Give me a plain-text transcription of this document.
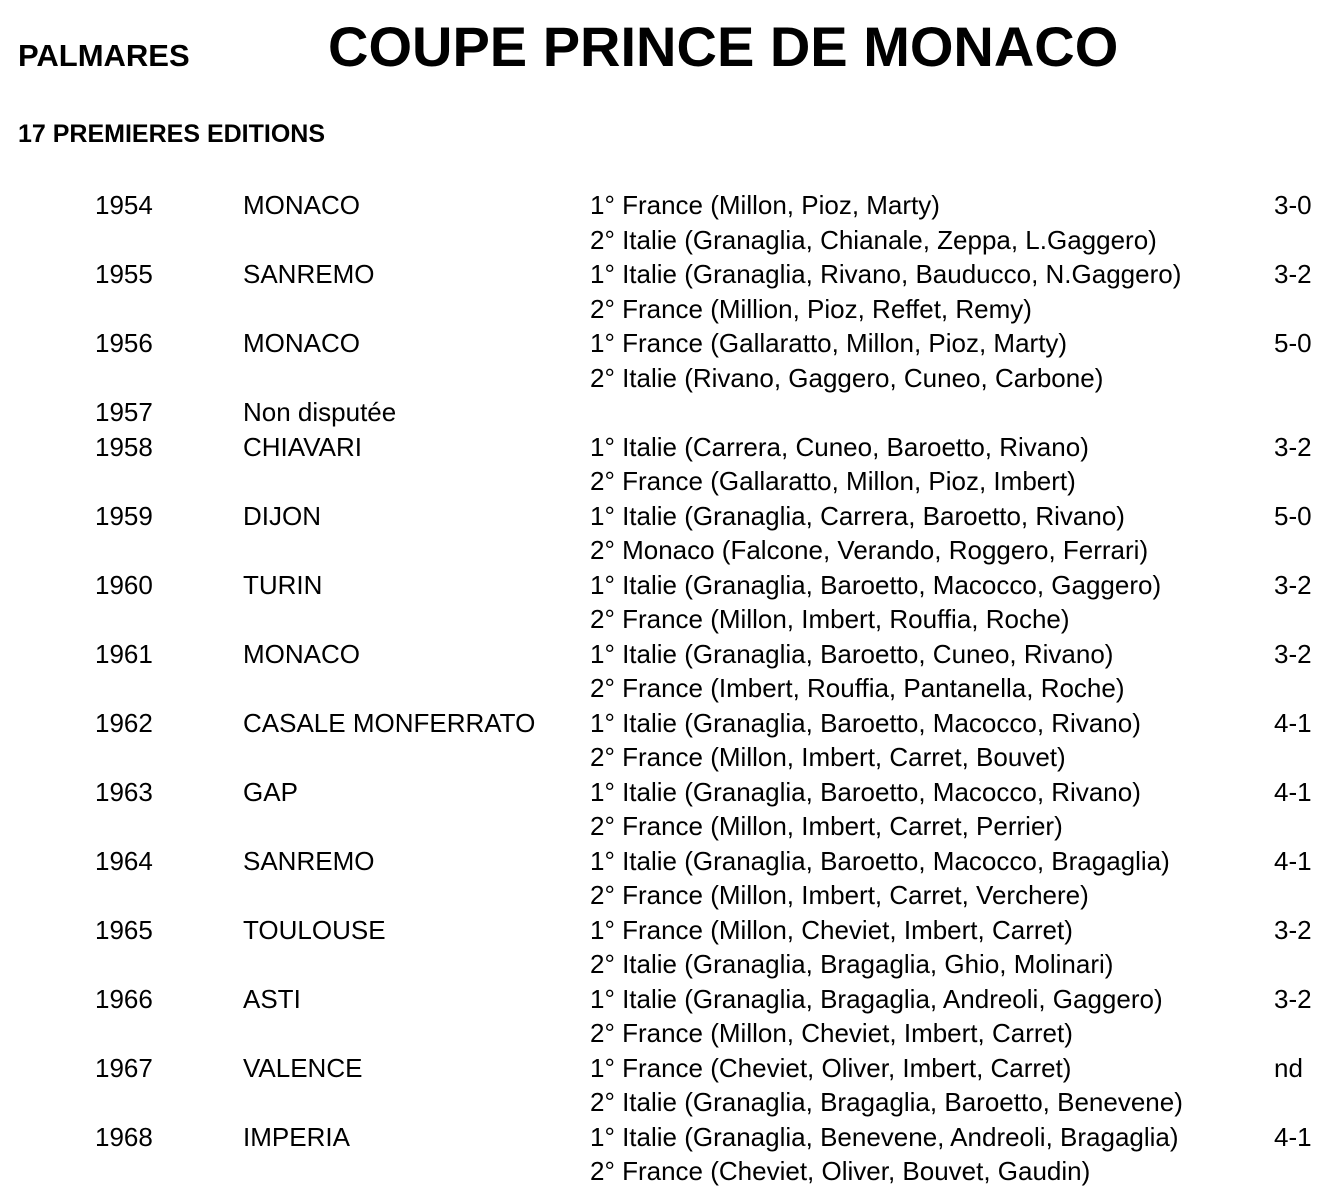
PALMARES COUPE PRINCE DE MONACO
17 PREMIERES EDITIONS
1954	MONACO	1° France (Millon, Pioz, Marty)	3-0
2° Italie (Granaglia, Chianale, Zeppa, L.Gaggero)
1955	SANREMO	1° Italie (Granaglia, Rivano, Bauducco, N.Gaggero)	3-2
2° France (Million, Pioz, Reffet, Remy)
1956	MONACO	1° France (Gallaratto, Millon, Pioz, Marty)	5-0
2° Italie (Rivano, Gaggero, Cuneo, Carbone)
1957	Non disputée
1958	CHIAVARI	1° Italie (Carrera, Cuneo, Baroetto, Rivano)	3-2
2° France (Gallaratto, Millon, Pioz, Imbert)
1959	DIJON	1° Italie (Granaglia, Carrera, Baroetto, Rivano)	5-0
2° Monaco (Falcone, Verando, Roggero, Ferrari)
1960	TURIN	1° Italie (Granaglia, Baroetto, Macocco, Gaggero)	3-2
2° France (Millon, Imbert, Rouffia, Roche)
1961	MONACO	1° Italie (Granaglia, Baroetto, Cuneo, Rivano)	3-2
2° France (Imbert, Rouffia, Pantanella, Roche)
1962	CASALE MONFERRATO 1° Italie (Granaglia, Baroetto, Macocco, Rivano)	4-1
2° France (Millon, Imbert, Carret, Bouvet)
1963	GAP	1° Italie (Granaglia, Baroetto, Macocco, Rivano)	4-1
2° France (Millon, Imbert, Carret, Perrier)
1964	SANREMO	1° Italie (Granaglia, Baroetto, Macocco, Bragaglia)	4-1
2° France (Millon, Imbert, Carret, Verchere)
1965	TOULOUSE	1° France (Millon, Cheviet, Imbert, Carret)	3-2
2° Italie (Granaglia, Bragaglia, Ghio, Molinari)
1966	ASTI	1° Italie (Granaglia, Bragaglia, Andreoli, Gaggero)	3-2
2° France (Millon, Cheviet, Imbert, Carret)
1967	VALENCE	1° France (Cheviet, Oliver, Imbert, Carret)	nd
2° Italie (Granaglia, Bragaglia, Baroetto, Benevene)
1968	IMPERIA	1° Italie (Granaglia, Benevene, Andreoli, Bragaglia)	4-1
2° France (Cheviet, Oliver, Bouvet, Gaudin)
